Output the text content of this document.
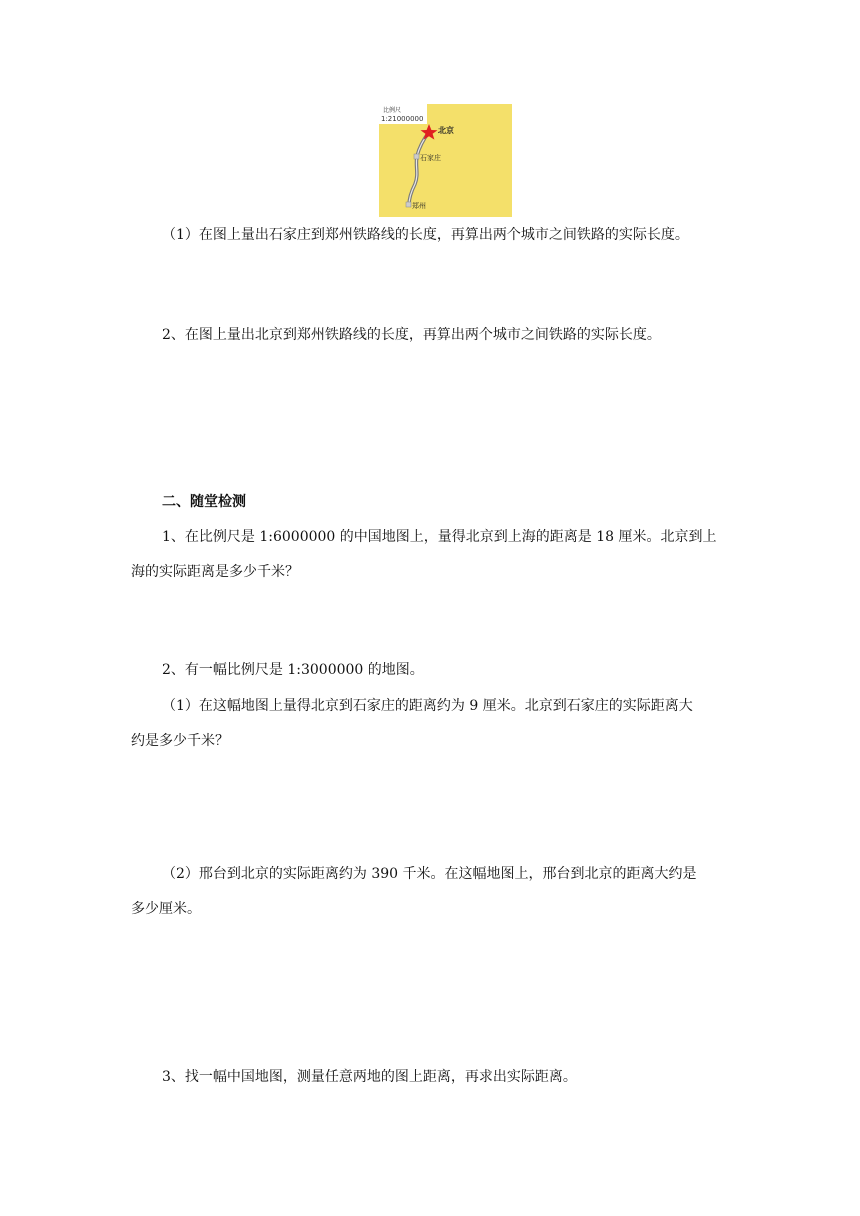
比例尺
1:21000000
北京
石家庄
郑州
（1）在图上量出石家庄到郑州铁路线的长度，再算出两个城市之间铁路的实际长度。
2、在图上量出北京到郑州铁路线的长度，再算出两个城市之间铁路的实际长度。
二、随堂检测
1、在比例尺是 1:6000000 的中国地图上，量得北京到上海的距离是 18 厘米。北京到上
海的实际距离是多少千米？
2、有一幅比例尺是 1:3000000 的地图。
（1）在这幅地图上量得北京到石家庄的距离约为 9 厘米。北京到石家庄的实际距离大
约是多少千米？
（2）邢台到北京的实际距离约为 390 千米。在这幅地图上，邢台到北京的距离大约是
多少厘米。
3、找一幅中国地图，测量任意两地的图上距离，再求出实际距离。
